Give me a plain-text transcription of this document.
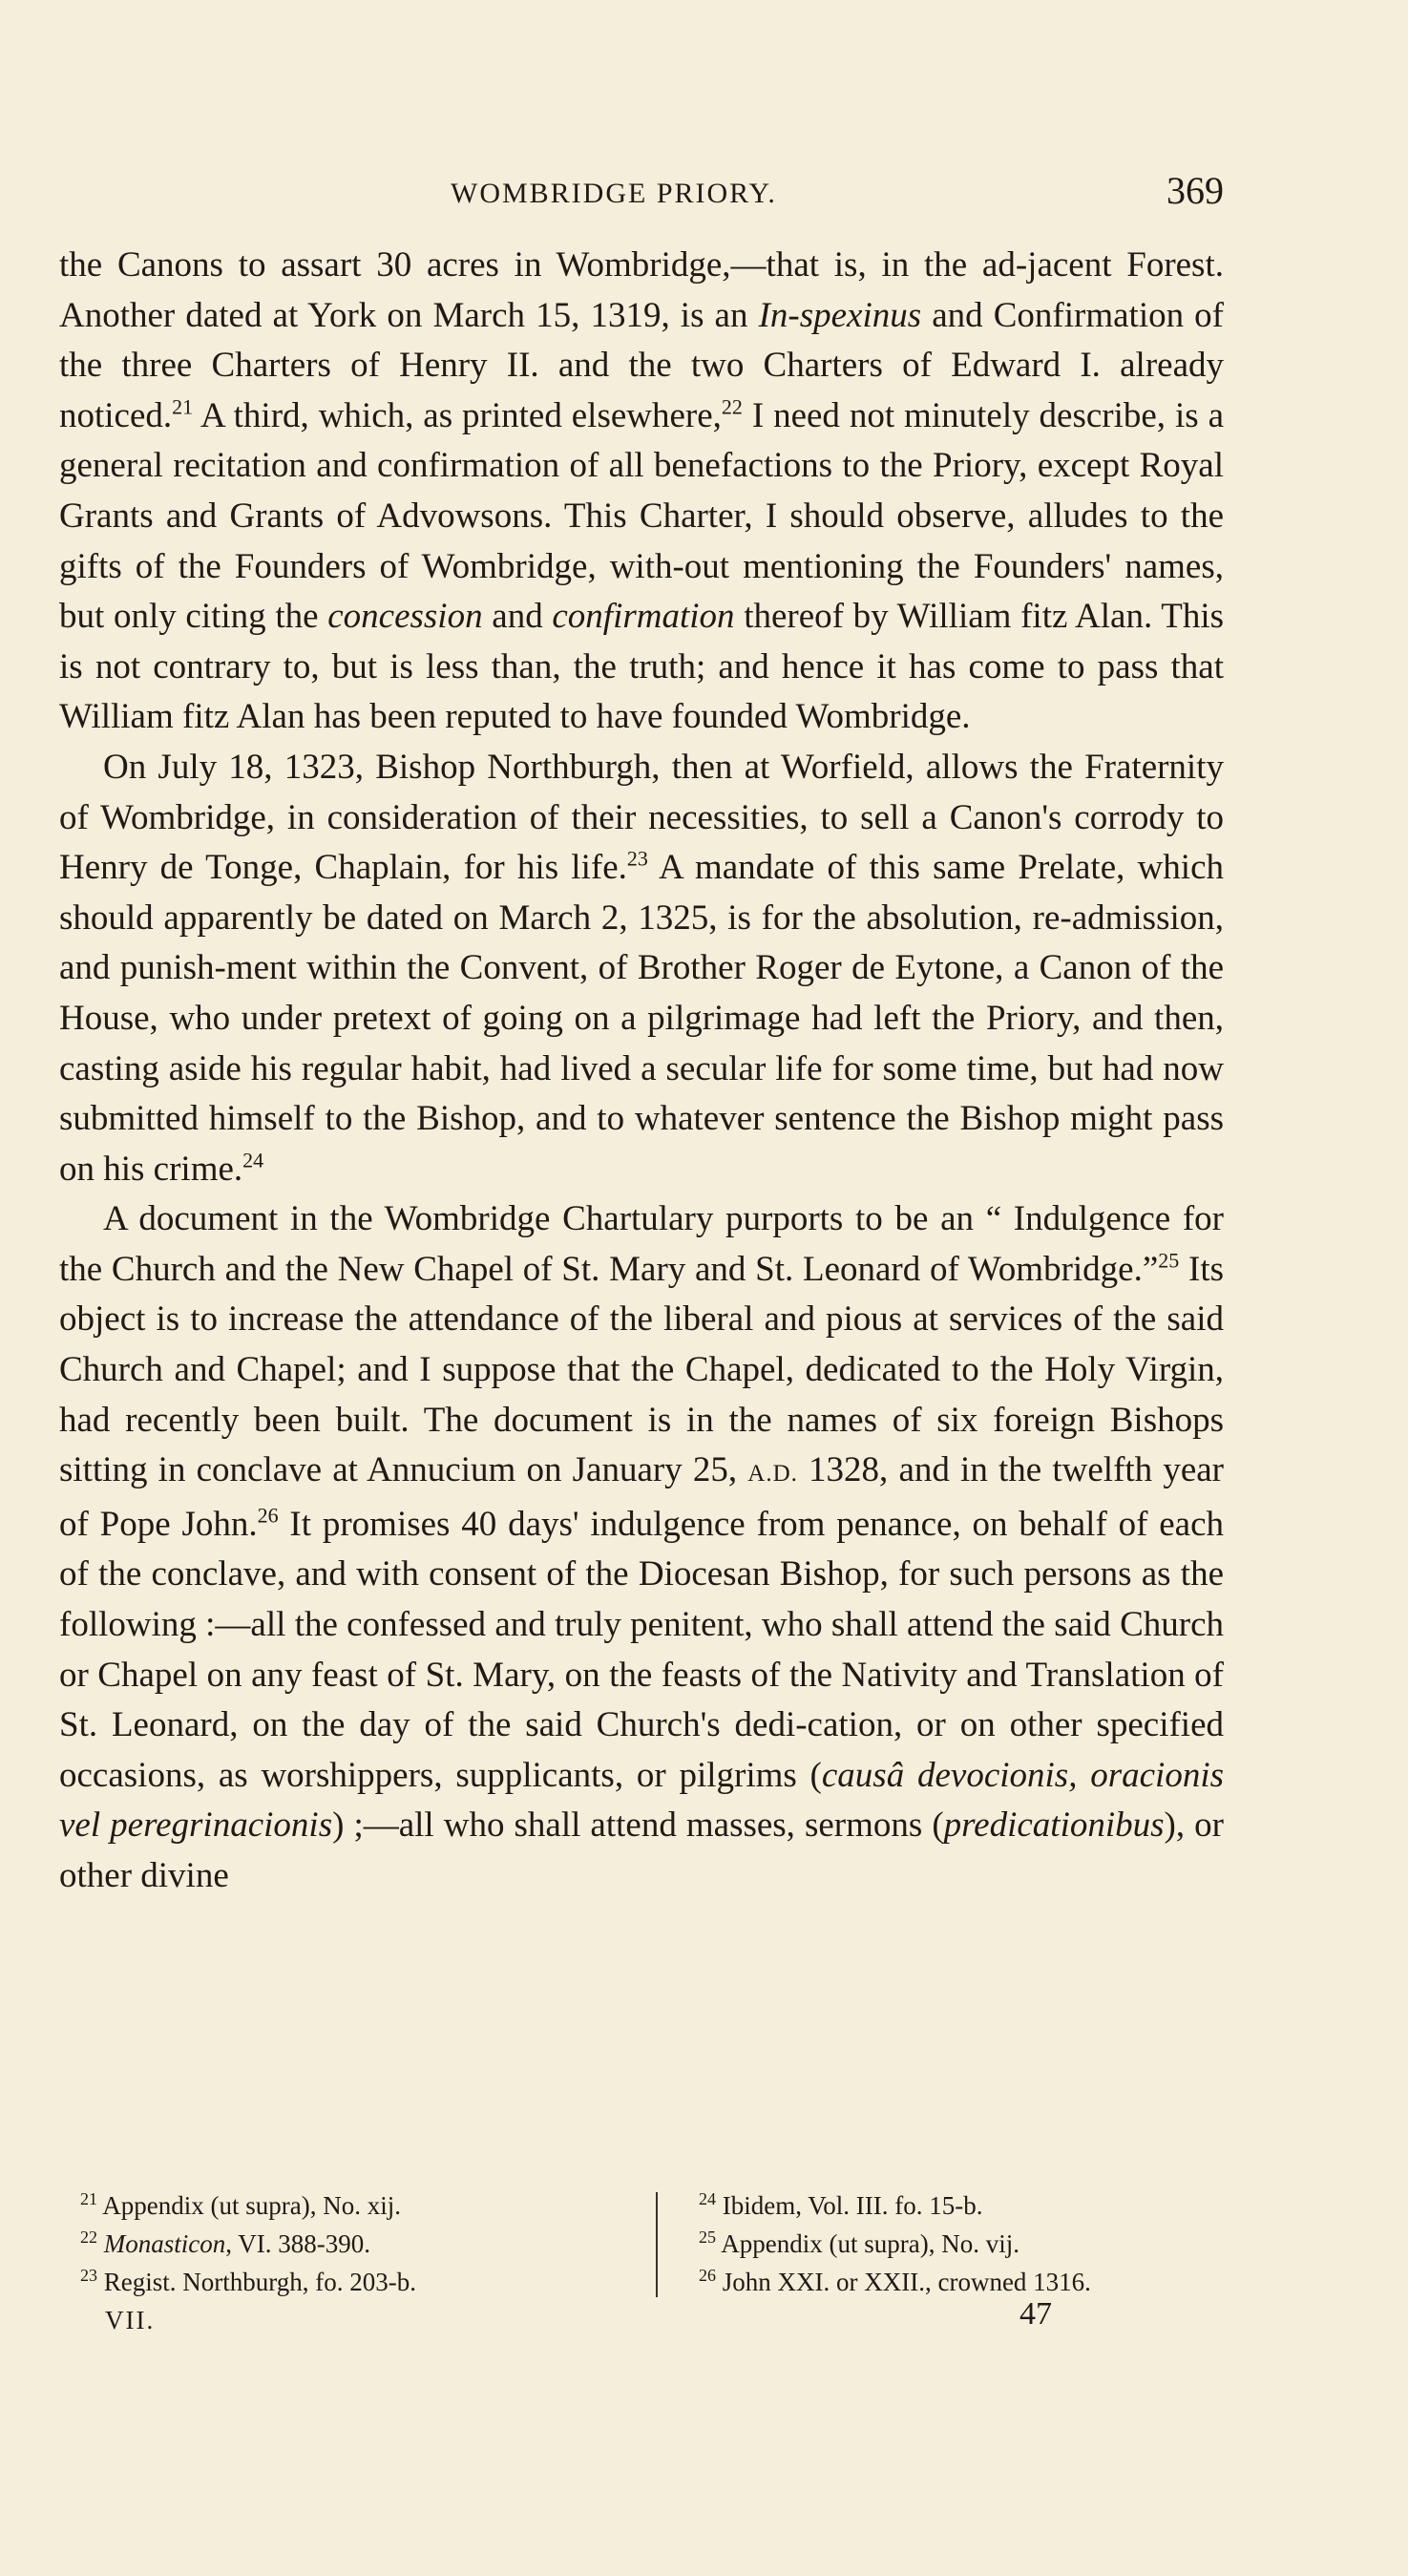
WOMBRIDGE PRIORY.	369

the Canons to assart 30 acres in Wombridge,—that is, in the ad-jacent Forest. Another dated at York on March 15, 1319, is an In-spexinus and Confirmation of the three Charters of Henry II. and the two Charters of Edward I. already noticed.$^{21}$ A third, which, as printed elsewhere,$^{22}$ I need not minutely describe, is a general recitation and confirmation of all benefactions to the Priory, except Royal Grants and Grants of Advowsons. This Charter, I should observe, alludes to the gifts of the Founders of Wombridge, with-out mentioning the Founders' names, but only citing the concession and confirmation thereof by William fitz Alan. This is not contrary to, but is less than, the truth; and hence it has come to pass that William fitz Alan has been reputed to have founded Wombridge.

On July 18, 1323, Bishop Northburgh, then at Worfield, allows the Fraternity of Wombridge, in consideration of their necessities, to sell a Canon's corrody to Henry de Tonge, Chaplain, for his life.$^{23}$ A mandate of this same Prelate, which should apparently be dated on March 2, 1325, is for the absolution, re-admission, and punish-ment within the Convent, of Brother Roger de Eytone, a Canon of the House, who under pretext of going on a pilgrimage had left the Priory, and then, casting aside his regular habit, had lived a secular life for some time, but had now submitted himself to the Bishop, and to whatever sentence the Bishop might pass on his crime.$^{24}$

A document in the Wombridge Chartulary purports to be an “ Indulgence for the Church and the New Chapel of St. Mary and St. Leonard of Wombridge.”$^{25}$ Its object is to increase the attendance of the liberal and pious at services of the said Church and Chapel; and I suppose that the Chapel, dedicated to the Holy Virgin, had recently been built. The document is in the names of six foreign Bishops sitting in conclave at Annucium on January 25, A.D. 1328, and in the twelfth year of Pope John.$^{26}$ It promises 40 days' indulgence from penance, on behalf of each of the conclave, and with consent of the Diocesan Bishop, for such persons as the following :—all the confessed and truly penitent, who shall attend the said Church or Chapel on any feast of St. Mary, on the feasts of the Nativity and Translation of St. Leonard, on the day of the said Church's dedi-cation, or on other specified occasions, as worshippers, supplicants, or pilgrims (causâ devocionis, oracionis vel peregrinacionis) ;—all who shall attend masses, sermons (predicationibus), or other divine

$^{21}$ Appendix (ut supra), No. xij.
$^{22}$ Monasticon, VI. 388-390.
$^{23}$ Regist. Northburgh, fo. 203-b.
$^{24}$ Ibidem, Vol. III. fo. 15-b.
$^{25}$ Appendix (ut supra), No. vij.
$^{26}$ John XXI. or XXII., crowned 1316.
VII.	47
